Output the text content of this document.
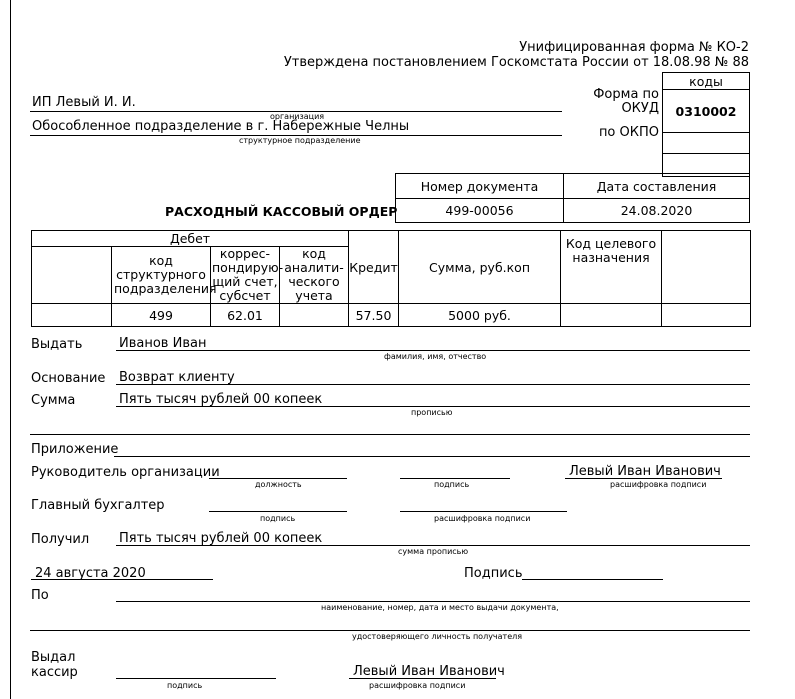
Унифицированная форма № КО-2
Утверждена постановлением Госкомстата России от 18.08.98 № 88
коды
0310002

Форма по
ОКУД
по ОКПО
ИП Левый И. И.
организация
Обособленное подразделение в г. Набережные Челны
структурное подразделение
Номер документа	Дата составления
499-00056	24.08.2020
РАСХОДНЫЙ КАССОВЫЙ ОРДЕР
Дебет				Кредит	Сумма, руб.коп	Код целевого назначения	
	код структурного подразделения	коррес-пондирую-щий счет, субсчет	код аналити-ческого учета				
	499	62.01		57.50	5000 руб.		
Выдать	Иванов Иван
фамилия, имя, отчество
Основание Возврат клиенту
Сумма	Пять тысяч рублей 00 копеек
прописью
Приложение
Руководитель организации
должность	подпись
Левый Иван Иванович
расшифровка подписи
Главный бухгалтер
подпись	расшифровка подписи
Получил Пять тысяч рублей 00 копеек
сумма прописью
24 августа 2020	Подпись
По
наименование, номер, дата и место выдачи документа,
удостоверяющего личность получателя
Выдал
кассир
подпись
Левый Иван Иванович
расшифровка подписи
